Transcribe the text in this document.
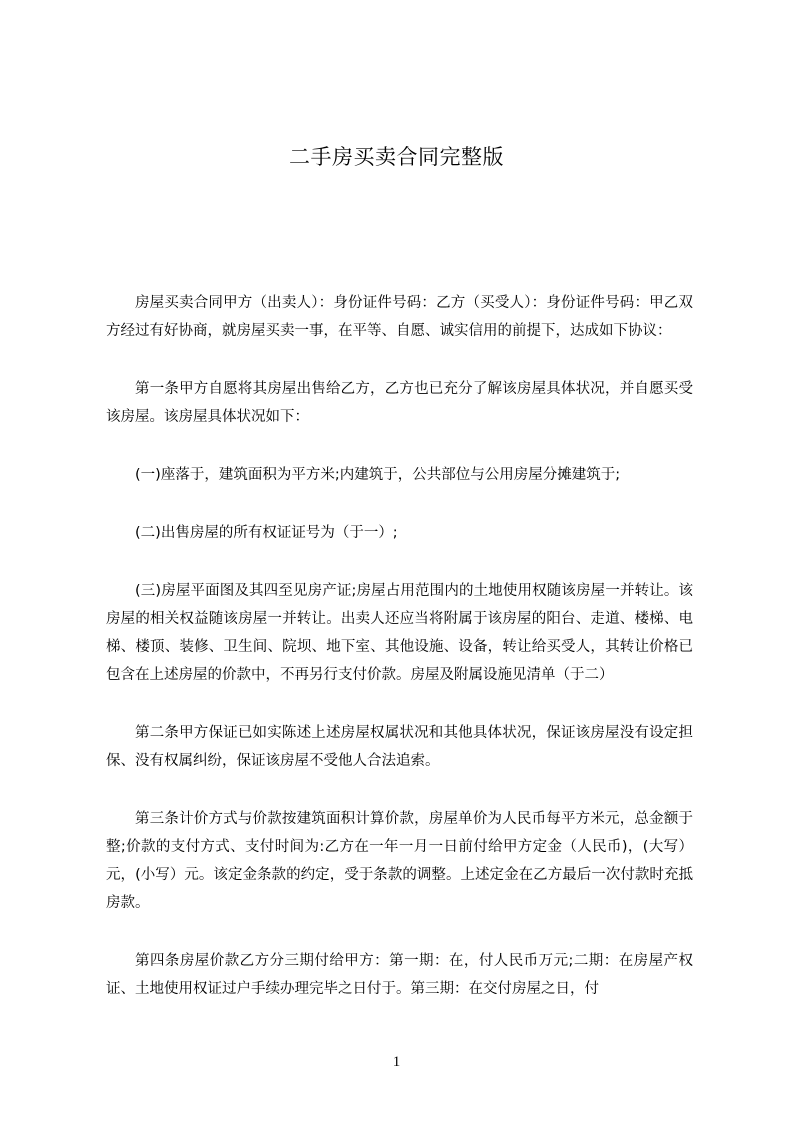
二手房买卖合同完整版

房屋买卖合同甲方（出卖人）：身份证件号码：乙方（买受人）：身份证件号码：甲乙双方经过有好协商，就房屋买卖一事，在平等、自愿、诚实信用的前提下，达成如下协议：

第一条甲方自愿将其房屋出售给乙方，乙方也已充分了解该房屋具体状况，并自愿买受该房屋。该房屋具体状况如下：

(一)座落于，建筑面积为平方米;内建筑于，公共部位与公用房屋分摊建筑于;

(二)出售房屋的所有权证证号为（于一）;

(三)房屋平面图及其四至见房产证;房屋占用范围内的土地使用权随该房屋一并转让。该房屋的相关权益随该房屋一并转让。出卖人还应当将附属于该房屋的阳台、走道、楼梯、电梯、楼顶、装修、卫生间、院坝、地下室、其他设施、设备，转让给买受人，其转让价格已包含在上述房屋的价款中，不再另行支付价款。房屋及附属设施见清单（于二）

第二条甲方保证已如实陈述上述房屋权属状况和其他具体状况，保证该房屋没有设定担保、没有权属纠纷，保证该房屋不受他人合法追索。

第三条计价方式与价款按建筑面积计算价款，房屋单价为人民币每平方米元，总金额于整;价款的支付方式、支付时间为:乙方在一年一月一日前付给甲方定金（人民币)，(大写）元，(小写）元。该定金条款的约定，受于条款的调整。上述定金在乙方最后一次付款时充抵房款。

第四条房屋价款乙方分三期付给甲方：第一期：在，付人民币万元;二期：在房屋产权证、土地使用权证过户手续办理完毕之日付于。第三期：在交付房屋之日，付

1
